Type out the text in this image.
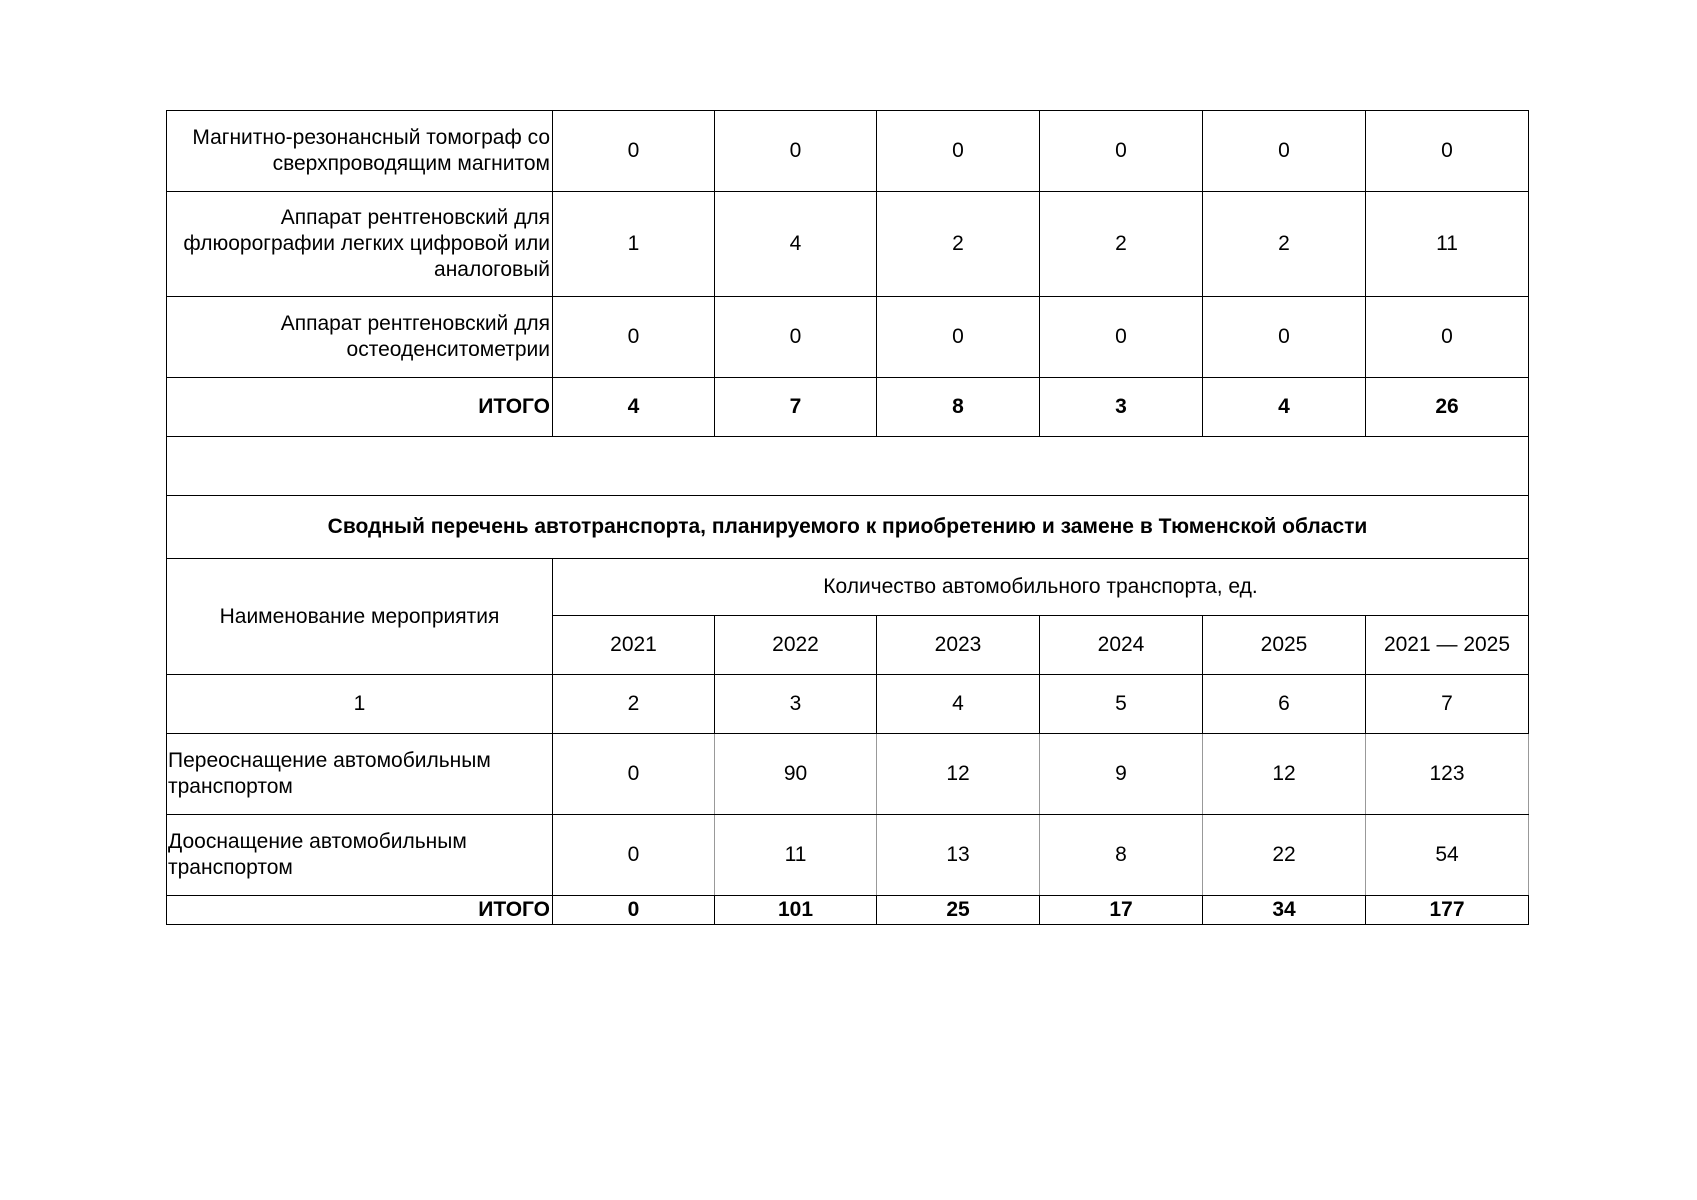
Магнитно-резонансный томограф со сверхпроводящим магнитом	0	0	0	0	0	0
Аппарат рентгеновский для флюорографии легких цифровой или аналоговый	1	4	2	2	2	11
Аппарат рентгеновский для остеоденситометрии	0	0	0	0	0	0
ИТОГО	4	7	8	3	4	26

Сводный перечень автотранспорта, планируемого к приобретению и замене в Тюменской области						
Наименование мероприятия	Количество автомобильного транспорта, ед.					
	2021	2022	2023	2024	2025	2021 — 2025
1	2	3	4	5	6	7
Переоснащение автомобильным транспортом	0	90	12	9	12	123
Дооснащение автомобильным транспортом	0	11	13	8	22	54
ИТОГО	0	101	25	17	34	177
